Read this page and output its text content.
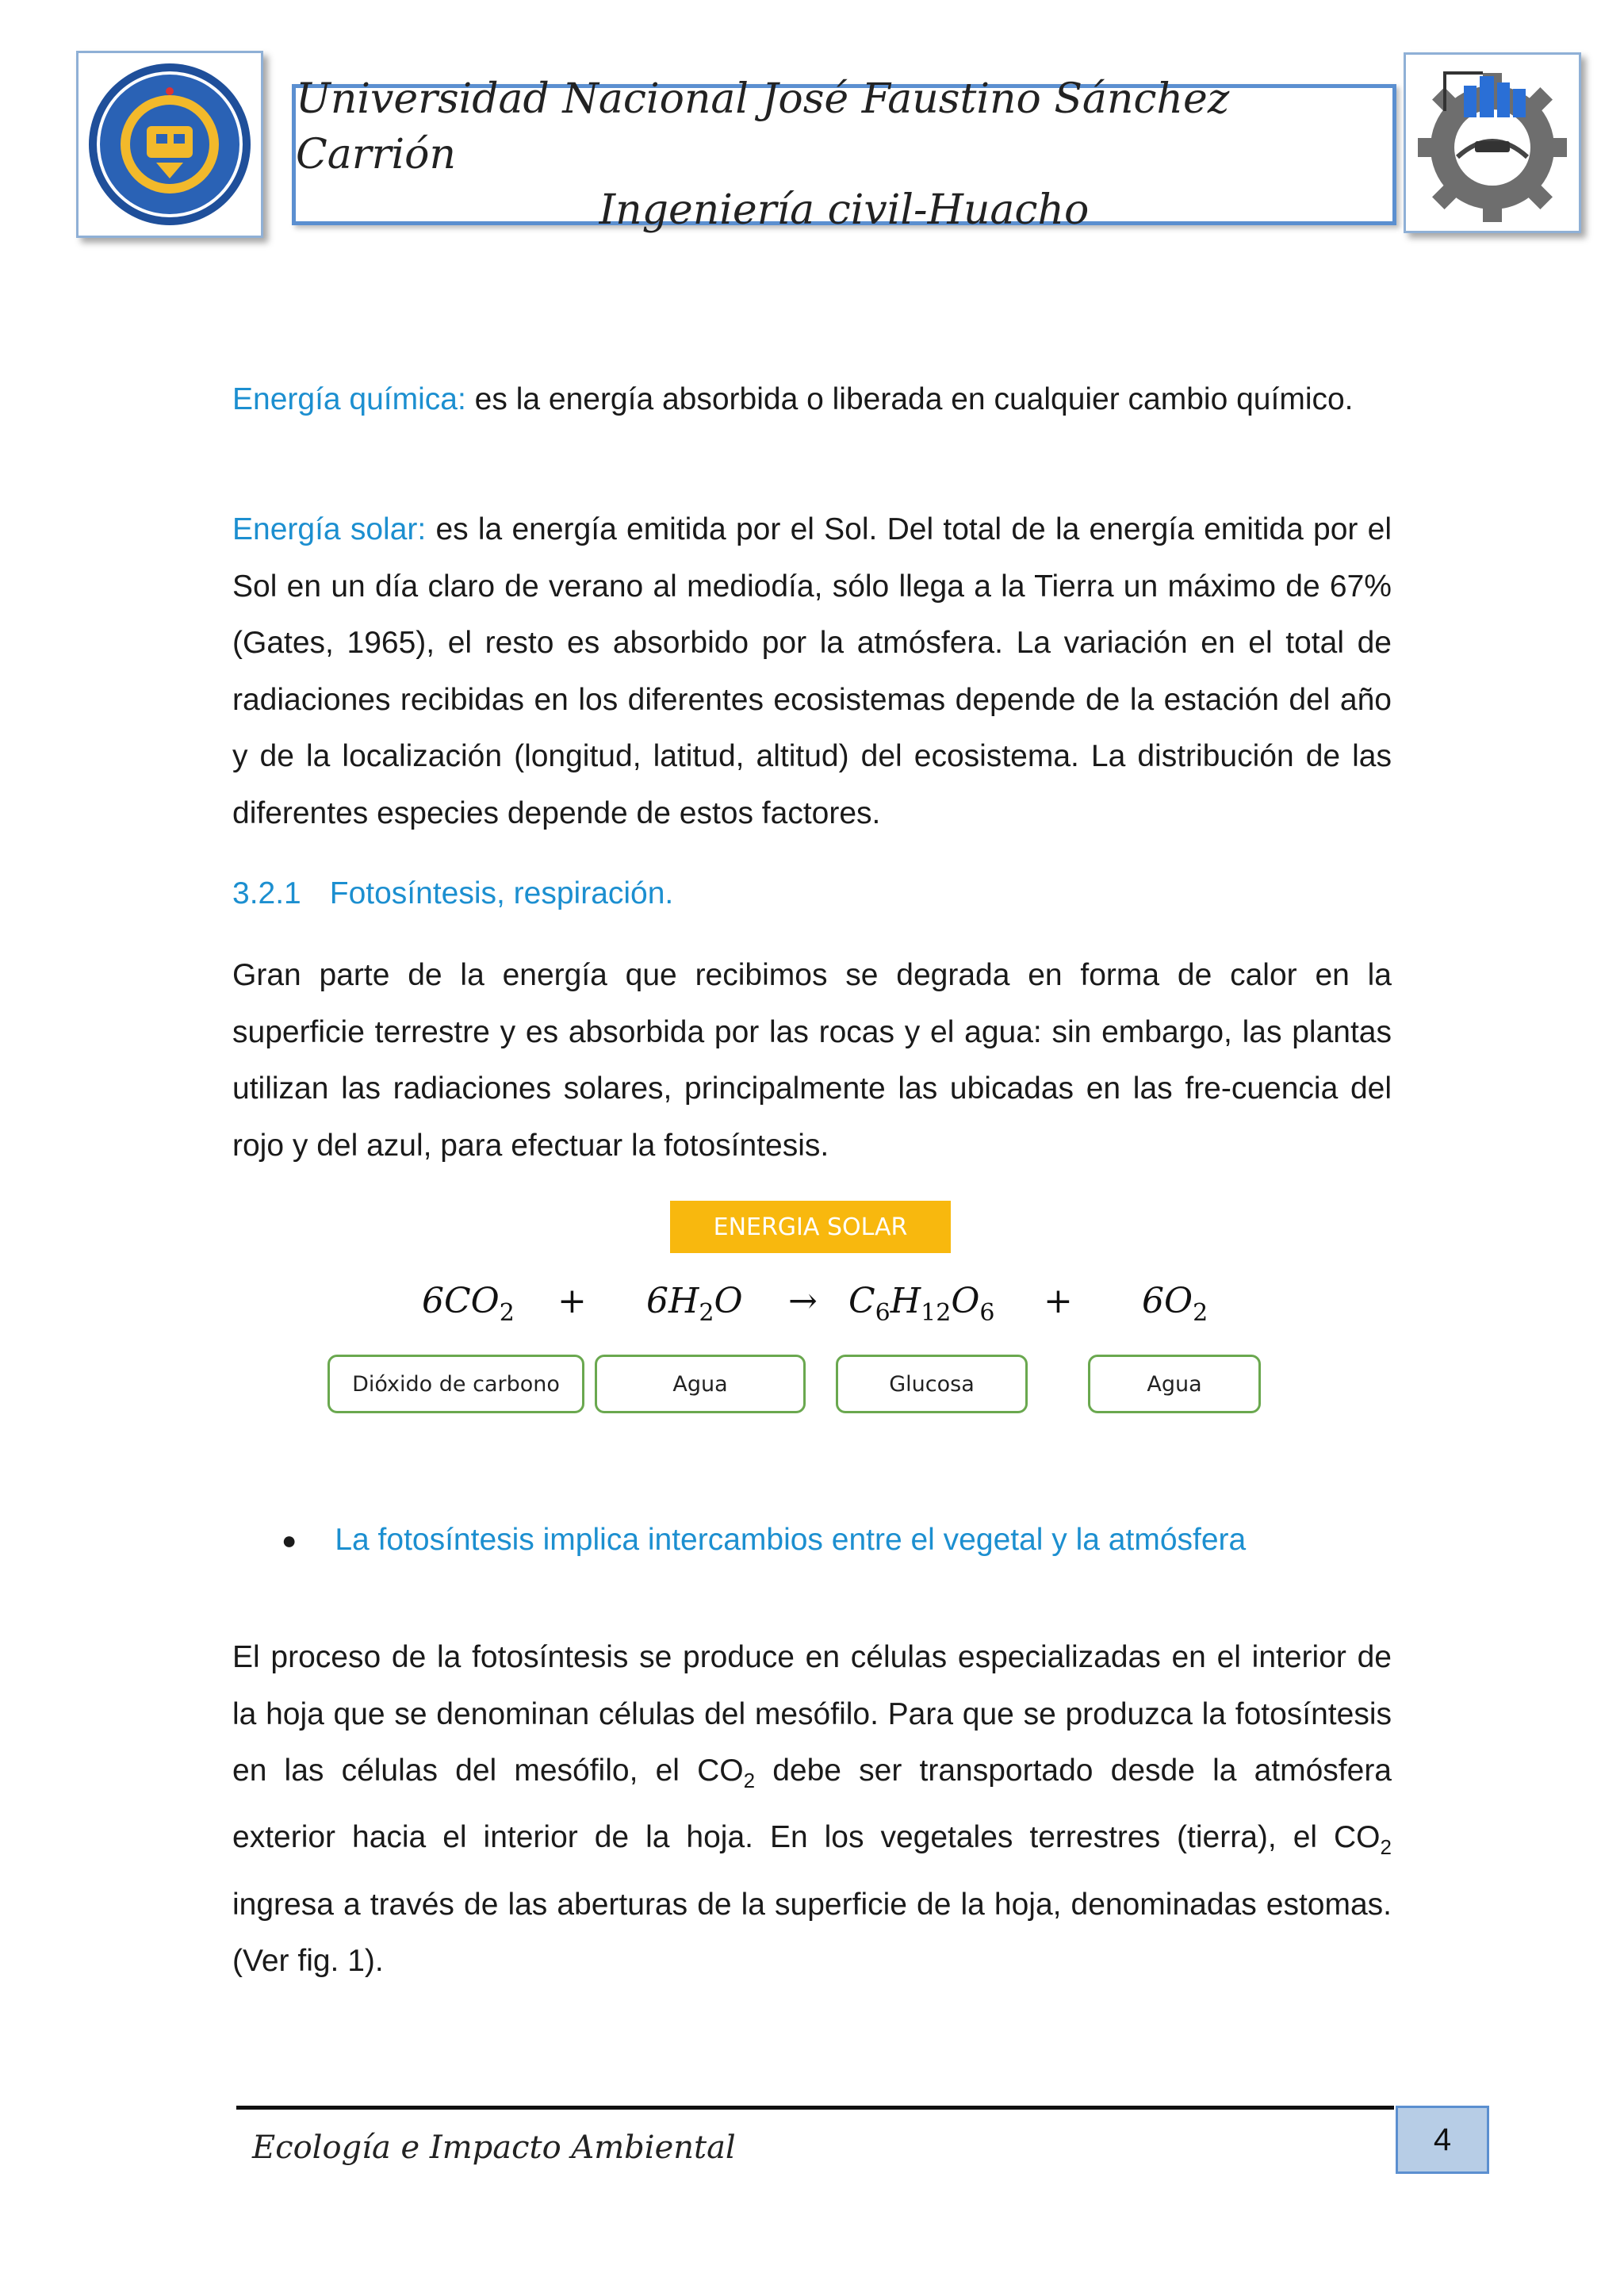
Universidad Nacional José Faustino Sánchez Carrión
Ingeniería civil-Huacho
Energía química: es la energía absorbida o liberada en cualquier cambio químico.
Energía solar: es la energía emitida por el Sol. Del total de la energía emitida por el Sol en un día claro de verano al mediodía, sólo llega a la Tierra un máximo de 67% (Gates, 1965), el resto es absorbido por la atmósfera. La variación en el total de radiaciones recibidas en los diferentes ecosistemas depende de la estación del año y de la localización (longitud, latitud, altitud) del ecosistema. La distribución de las diferentes especies depende de estos factores.
3.2.1 Fotosíntesis, respiración.
Gran parte de la energía que recibimos se degrada en forma de calor en la superficie terrestre y es absorbida por las rocas y el agua: sin embargo, las plantas utilizan las radiaciones solares, principalmente las ubicadas en las fre-cuencia del rojo y del azul, para efectuar la fotosíntesis.
ENERGIA SOLAR
$6CO_2 + 6H_2O \to C_6H_{12}O_6 + 6O_2$
Dióxido de carbono	Agua	Glucosa	Agua
● La fotosíntesis implica intercambios entre el vegetal y la atmósfera
El proceso de la fotosíntesis se produce en células especializadas en el interior de la hoja que se denominan células del mesófilo. Para que se produzca la fotosíntesis en las células del mesófilo, el $CO_2$ debe ser transportado desde la atmósfera exterior hacia el interior de la hoja. En los vegetales terrestres (tierra), el $CO_2$ ingresa a través de las aberturas de la superficie de la hoja, denominadas estomas. (Ver fig. 1).
Ecología e Impacto Ambiental	4
